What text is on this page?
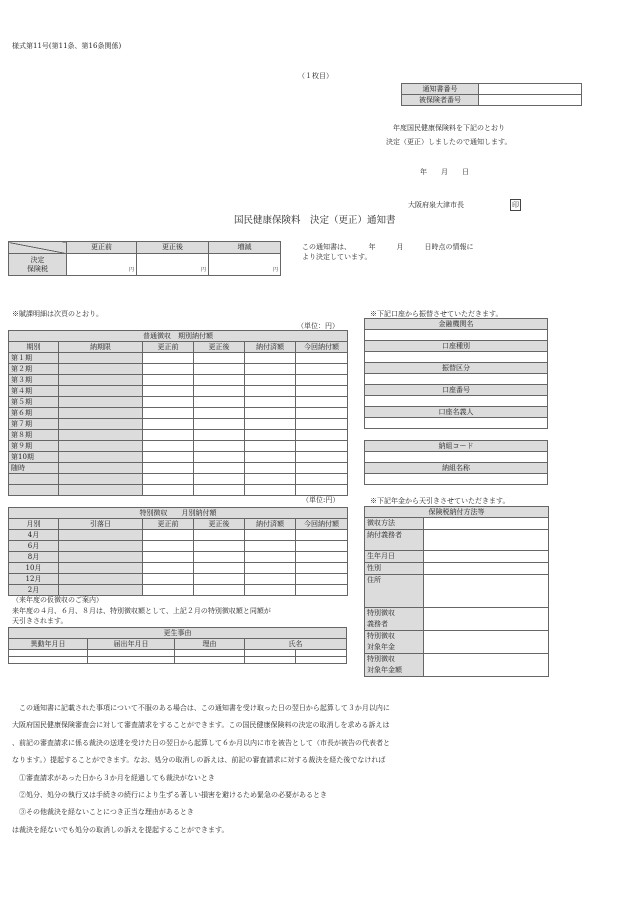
様式第11号(第11条、第16条関係)
（１枚目）
通知書番号	
被保険者番号	
年度国民健康保険料を下記のとおり
決定（更正）しましたので通知します。
年　　月　　日
大阪府泉大津市長	印
国民健康保険料　決定（更正）通知書
	更正前	更正後	増減

決定
保険税	円	円	円
この通知書は、　　　年　　　月　　　日時点の情報に
より決定しています。
※賦課明細は次頁のとおり。
（単位：円）
普通徴収　期別納付額					
期別	納期限	更正前	更正後	納付済額	今回納付額
第１期					
第２期					
第３期					
第４期					
第５期					
第６期					
第７期					
第８期					
第９期					
第10期					
随時					

（単位:円）
特別徴収　　月別納付額					
月別	引落日	更正前	更正後	納付済額	今回納付額
4月					
6月					
8月					
10月					
12月					
2月					
（来年度の仮徴収のご案内）
来年度の４月、６月、８月は、特別徴収額として、上記２月の特別徴収額と同額が
天引きされます。
更生事由				
異動年月日	届出年月日	理由	氏名	

※下記口座から振替させていただきます。
金融機関名

口座種別

振替区分

口座番号

口座名義人

納組コード

納組名称

※下記年金から天引きさせていただきます。
保険税納付方法等	
徴収方法	
納付義務者	
生年月日	
性別	
住所	
特別徴収
義務者	
特別徴収
対象年金	
特別徴収
対象年金額	
　この通知書に記載された事項について不服のある場合は、この通知書を受け取った日の翌日から起算して３か月以内に
大阪府国民健康保険審査会に対して審査請求をすることができます。この国民健康保険料の決定の取消しを求める訴えは
、前記の審査請求に係る裁決の送達を受けた日の翌日から起算して６か月以内に市を被告として（市長が被告の代表者と
なります。）提起することができます。なお、処分の取消しの訴えは、前記の審査請求に対する裁決を経た後でなければ
　①審査請求があった日から３か月を経過しても裁決がないとき
　②処分、処分の執行又は手続きの続行により生ずる著しい損害を避けるため緊急の必要があるとき
　③その他裁決を経ないことにつき正当な理由があるとき
は裁決を経ないでも処分の取消しの訴えを提起することができます。
